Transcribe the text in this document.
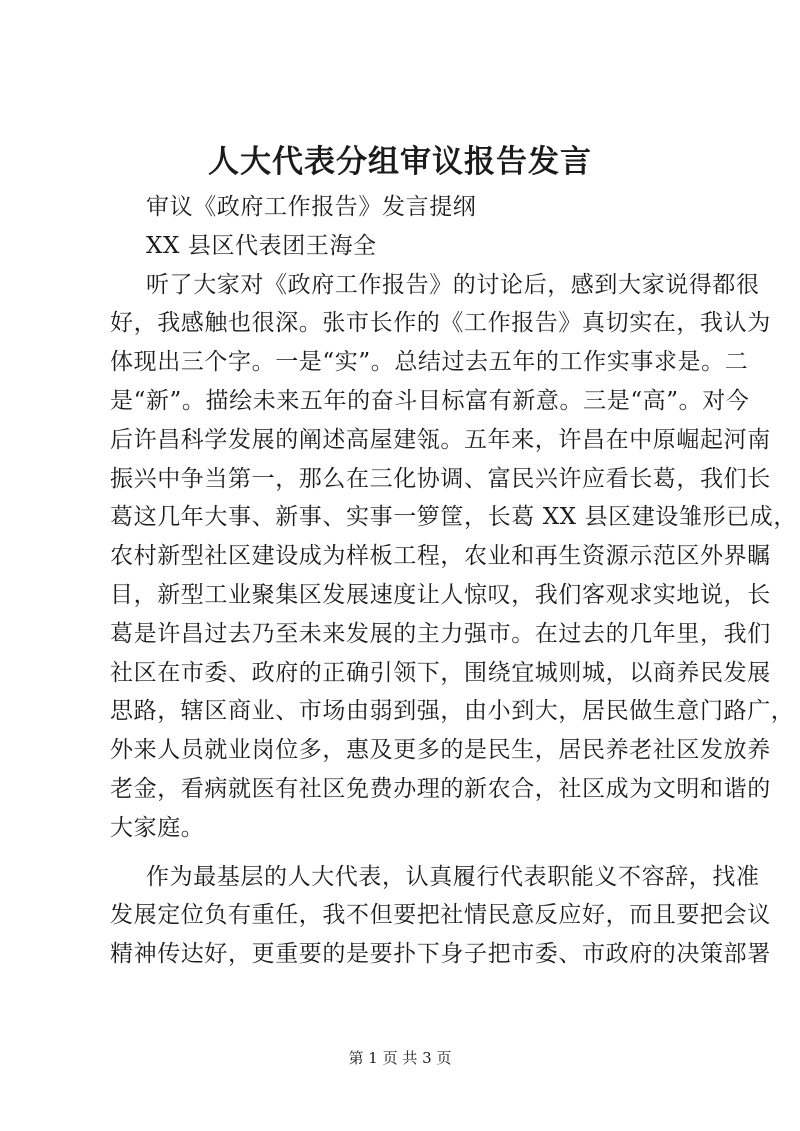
人大代表分组审议报告发言

审议《政府工作报告》发言提纲

XX 县区代表团王海全

听了大家对《政府工作报告》的讨论后，感到大家说得都很

好，我感触也很深。张市长作的《工作报告》真切实在，我认为

体现出三个字。一是“实”。总结过去五年的工作实事求是。二

是“新”。描绘未来五年的奋斗目标富有新意。三是“高”。对今

后许昌科学发展的阐述高屋建瓴。五年来，许昌在中原崛起河南

振兴中争当第一，那么在三化协调、富民兴许应看长葛，我们长

葛这几年大事、新事、实事一箩筐，长葛 XX 县区建设雏形已成，

农村新型社区建设成为样板工程，农业和再生资源示范区外界瞩

目，新型工业聚集区发展速度让人惊叹，我们客观求实地说，长

葛是许昌过去乃至未来发展的主力强市。在过去的几年里，我们

社区在市委、政府的正确引领下，围绕宜城则城，以商养民发展

思路，辖区商业、市场由弱到强，由小到大，居民做生意门路广，

外来人员就业岗位多，惠及更多的是民生，居民养老社区发放养

老金，看病就医有社区免费办理的新农合，社区成为文明和谐的

大家庭。

作为最基层的人大代表，认真履行代表职能义不容辞，找准

发展定位负有重任，我不但要把社情民意反应好，而且要把会议

精神传达好，更重要的是要扑下身子把市委、市政府的决策部署

第 1 页 共 3 页
